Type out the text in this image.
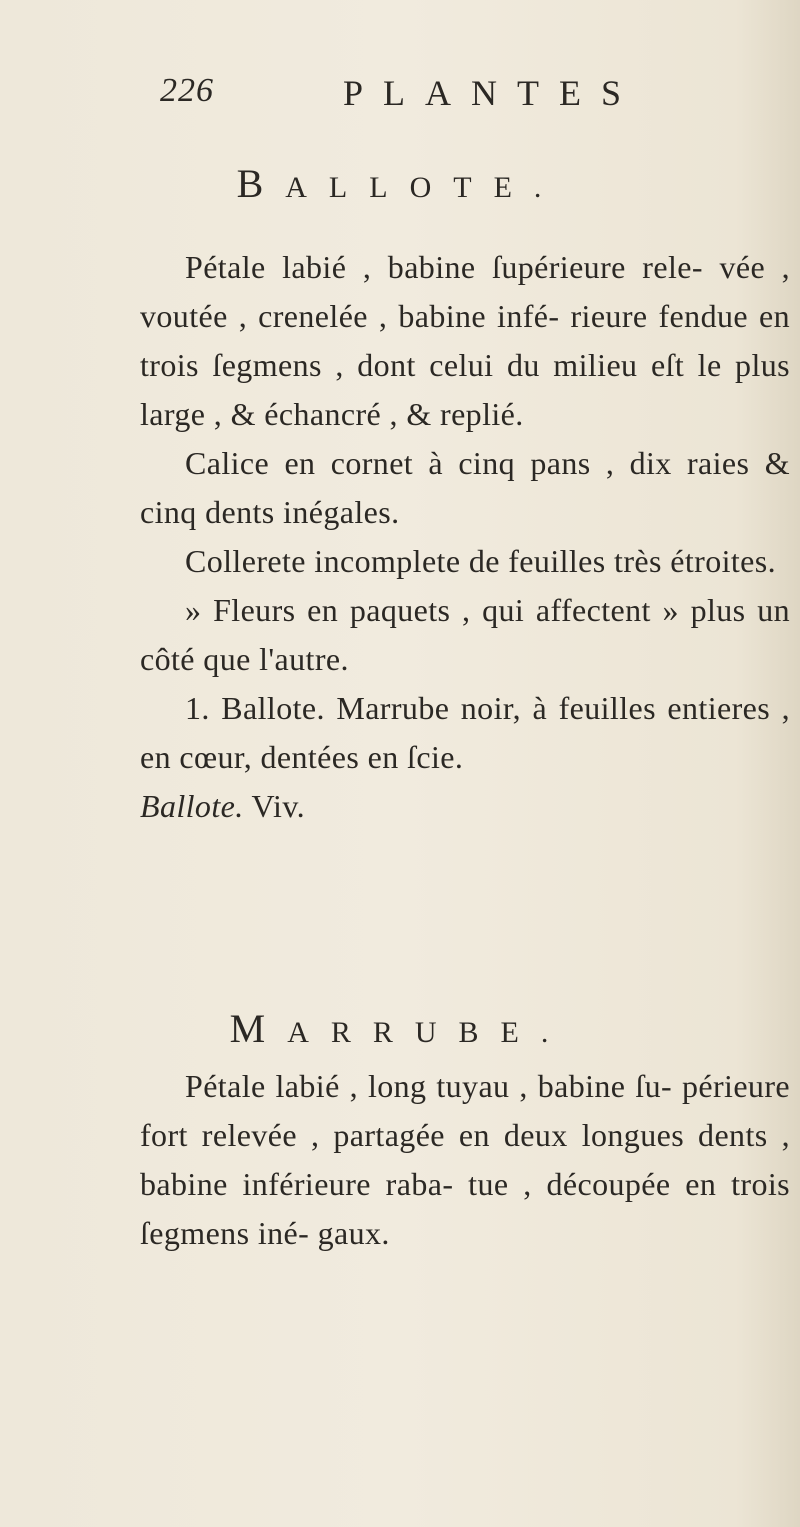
226	PLANTES
BALLOTE.

Pétale labié , babine ſupérieure rele- vée , voutée , crenelée , babine infé- rieure fendue en trois ſegmens , dont celui du milieu eſt le plus large , & échancré , & replié.

Calice en cornet à cinq pans , dix raies & cinq dents inégales.

Collerete incomplete de feuilles très étroites.

» Fleurs en paquets , qui affectent » plus un côté que l'autre.

1. Ballote. Marrube noir, à feuilles entieres , en cœur, dentées en ſcie.

Ballote. Viv.

MARRUBE.

Pétale labié , long tuyau , babine ſu- périeure fort relevée , partagée en deux longues dents , babine inférieure raba- tue , découpée en trois ſegmens iné- gaux.
